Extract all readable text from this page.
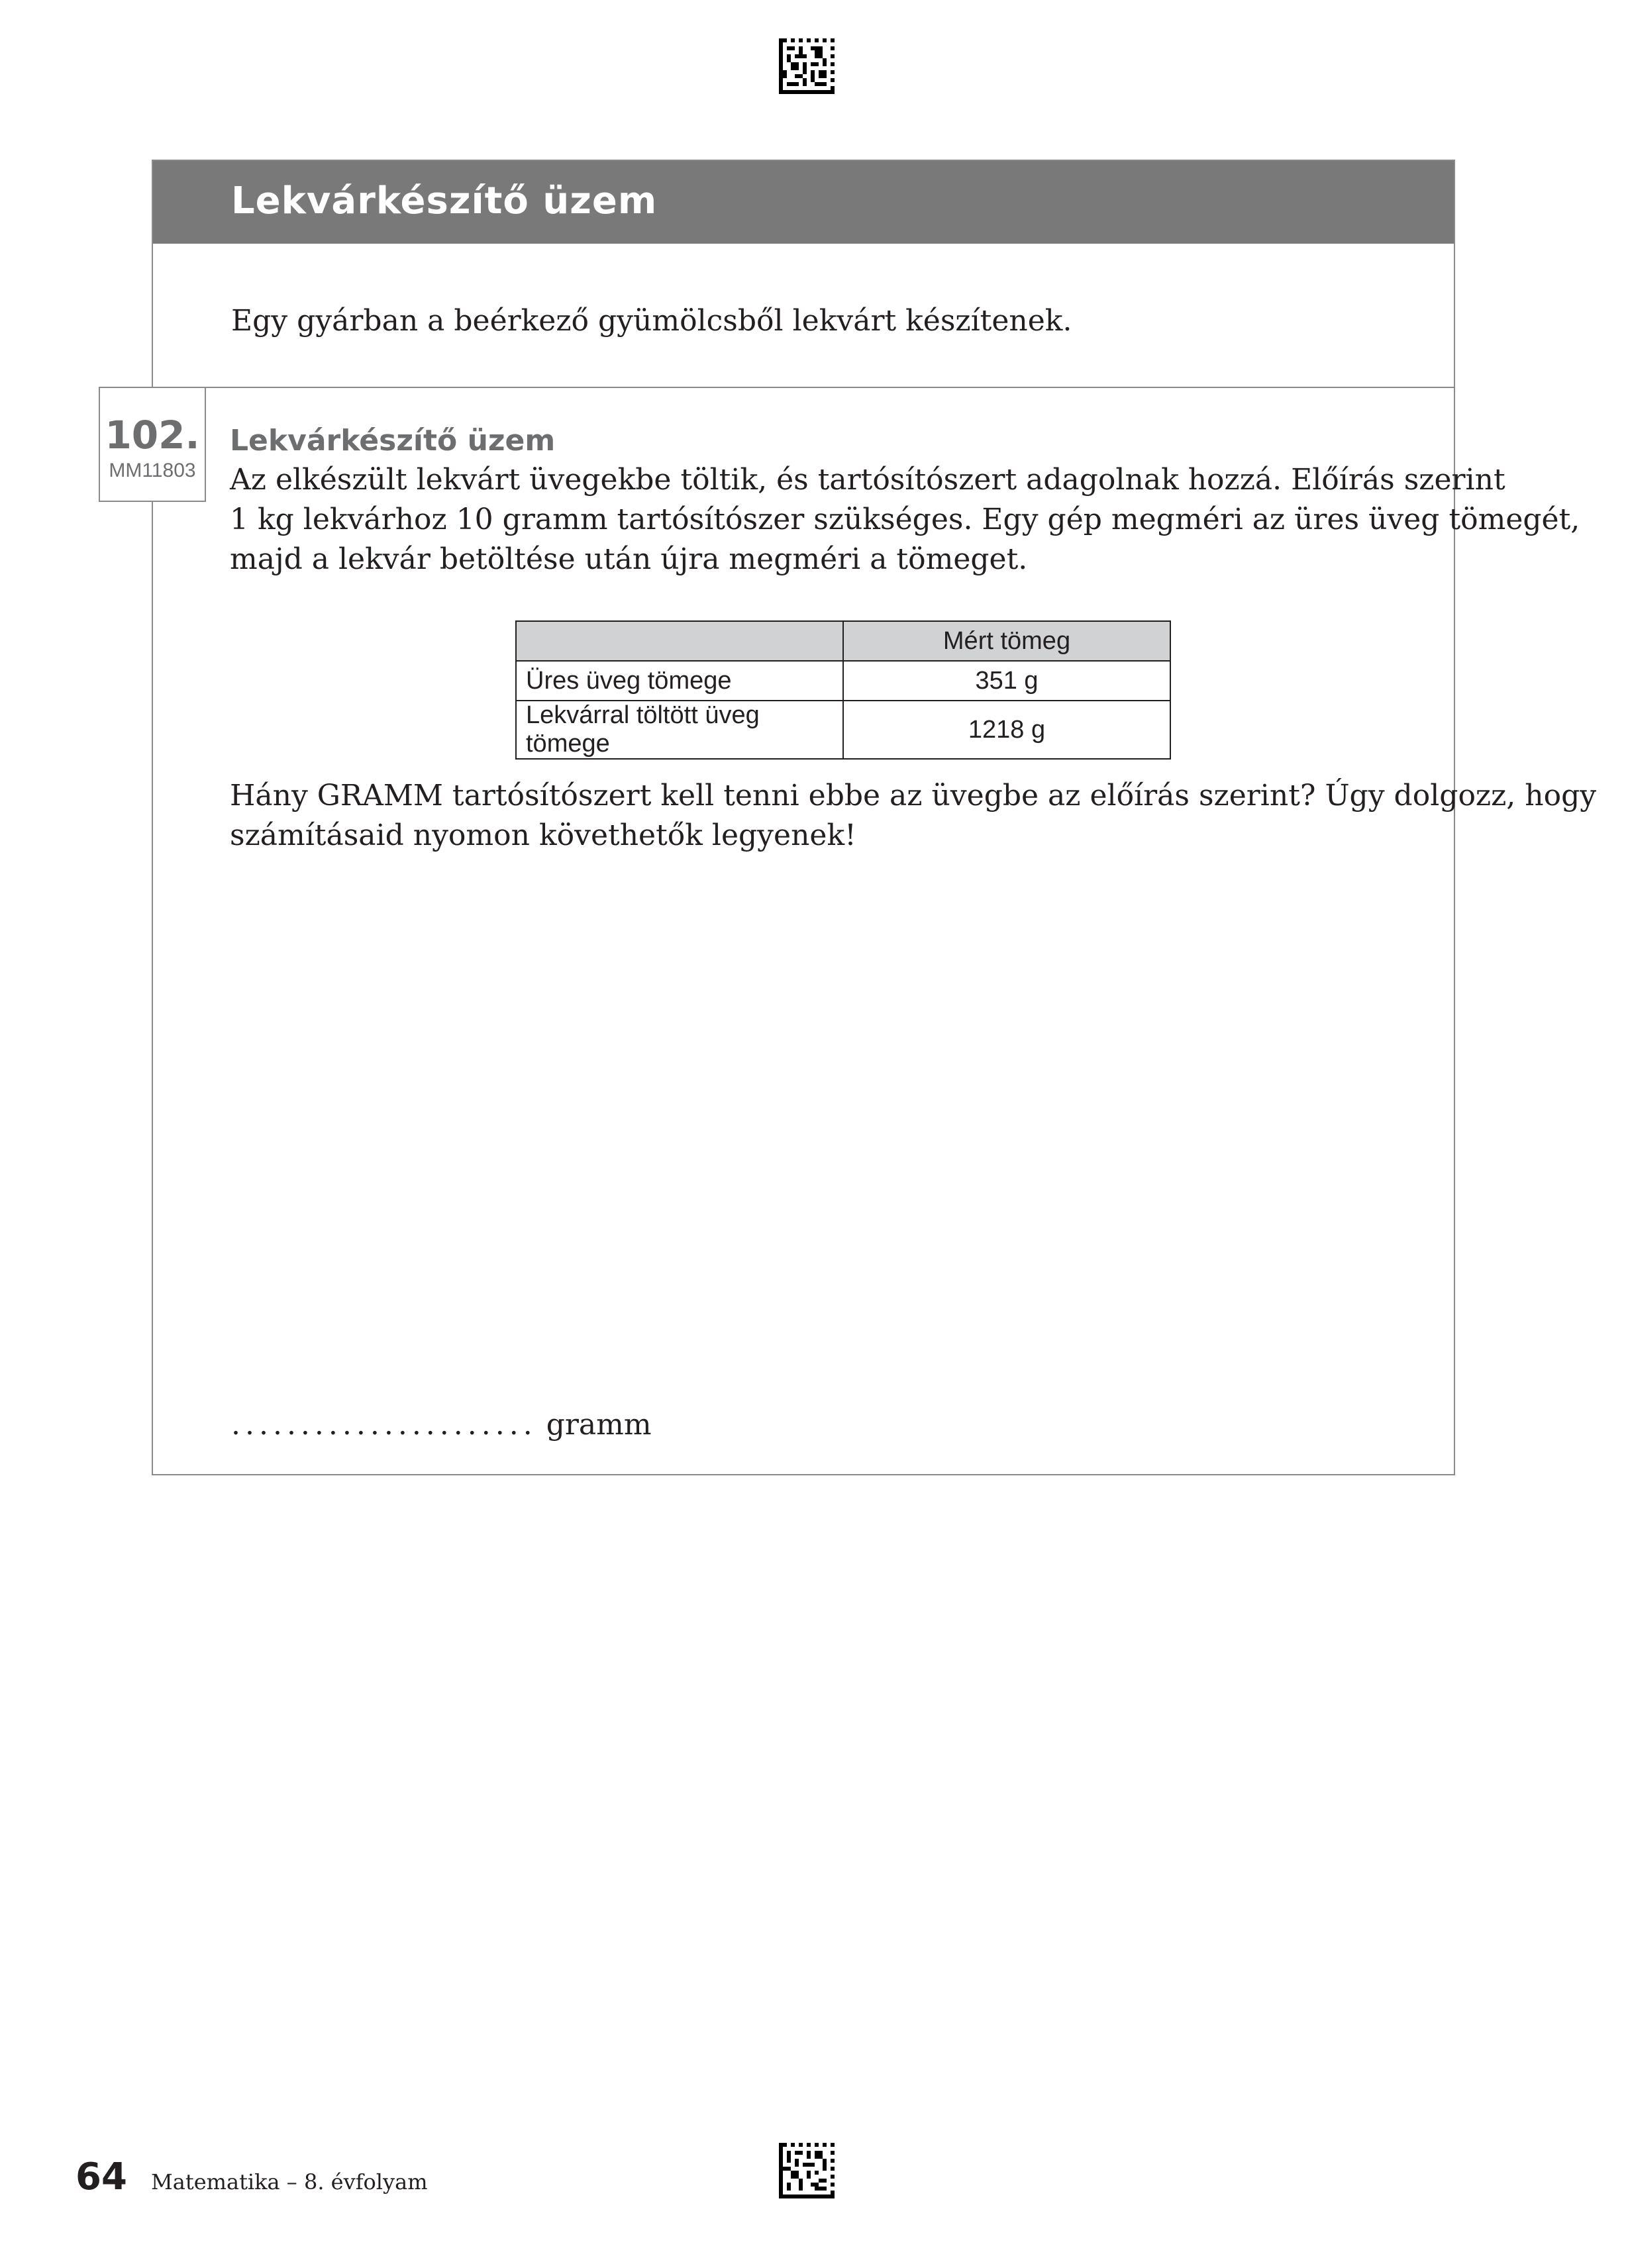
Lekvárkészítő üzem
Egy gyárban a beérkező gyümölcsből lekvárt készítenek.
102.
MM11803
Lekvárkészítő üzem
Az elkészült lekvárt üvegekbe töltik, és tartósítószert adagolnak hozzá. Előírás szerint
1 kg lekvárhoz 10 gramm tartósítószer szükséges. Egy gép megméri az üres üveg tömegét,
majd a lekvár betöltése után újra megméri a tömeget.
	Mért tömeg
Üres üveg tömege	351 g
Lekvárral töltött üveg tömege	1218 g
Hány GRAMM tartósítószert kell tenni ebbe az üvegbe az előírás szerint? Úgy dolgozz, hogy
számításaid nyomon követhetők legyenek!
...................... gramm
64 Matematika – 8. évfolyam
